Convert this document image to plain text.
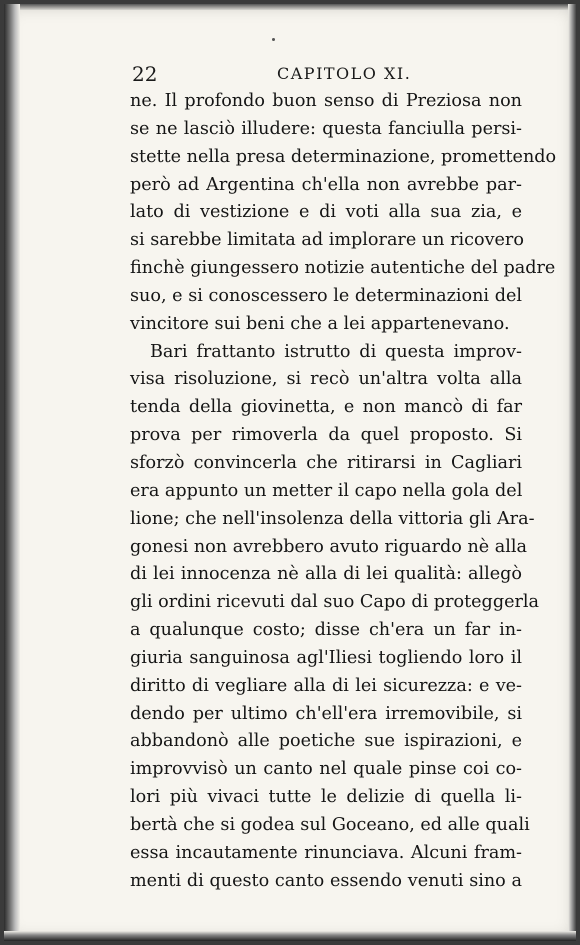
22	CAPITOLO XI.
ne. Il profondo buon senso di Preziosa non
se ne lasciò illudere: questa fanciulla persi-
stette nella presa determinazione, promettendo
però ad Argentina ch'ella non avrebbe par-
lato di vestizione e di voti alla sua zia, e
si sarebbe limitata ad implorare un ricovero
finchè giungessero notizie autentiche del padre
suo, e si conoscessero le determinazioni del
vincitore sui beni che a lei appartenevano.
Bari frattanto istrutto di questa improv-
visa risoluzione, si recò un'altra volta alla
tenda della giovinetta, e non mancò di far
prova per rimoverla da quel proposto. Si
sforzò convincerla che ritirarsi in Cagliari
era appunto un metter il capo nella gola del
lione; che nell'insolenza della vittoria gli Ara-
gonesi non avrebbero avuto riguardo nè alla
di lei innocenza nè alla di lei qualità: allegò
gli ordini ricevuti dal suo Capo di proteggerla
a qualunque costo; disse ch'era un far in-
giuria sanguinosa agl'Iliesi togliendo loro il
diritto di vegliare alla di lei sicurezza: e ve-
dendo per ultimo ch'ell'era irremovibile, si
abbandonò alle poetiche sue ispirazioni, e
improvvisò un canto nel quale pinse coi co-
lori più vivaci tutte le delizie di quella li-
bertà che si godea sul Goceano, ed alle quali
essa incautamente rinunciava. Alcuni fram-
menti di questo canto essendo venuti sino a
